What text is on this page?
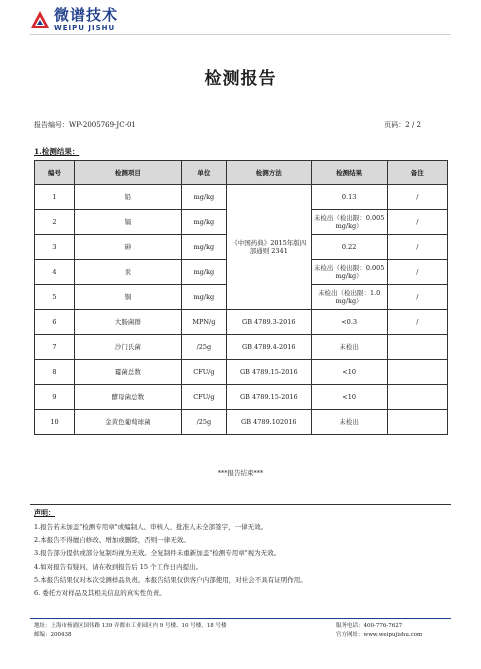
微谱技术
WEIPU JISHU
检测报告
报告编号：WP-2005769-JC-01	页码：2 / 2
1.检测结果：
编号	检测项目	单位	检测方法	检测结果	备注
1	铅	mg/kg	《中国药典》2015年版四部通则 2341	0.13	/
2	镉	mg/kg		未检出（检出限：0.005 mg/kg）	/
3	砷	mg/kg		0.22	/
4	汞	mg/kg		未检出（检出限：0.005 mg/kg）	/
5	铜	mg/kg		未检出（检出限：1.0 mg/kg）	/
6	大肠菌群	MPN/g	GB 4789.3-2016	<0.3	/
7	沙门氏菌	/25g	GB 4789.4-2016	未检出	
8	霉菌总数	CFU/g	GB 4789.15-2016	<10	
9	酵母菌总数	CFU/g	GB 4789.15-2016	<10	
10	金黄色葡萄球菌	/25g	GB 4789.102016	未检出	
***报告结束***
声明：
1.报告若未加盖"检测专用章"或编制人、审核人、批准人未全部签字，一律无效。
2.本报告不得擅自修改、增加或删除，否则一律无效。
3.报告部分提供或部分复制均视为无效。全复制件未重新加盖"检测专用章"视为无效。
4.如对报告有疑问，请在收到报告后 15 个工作日内提出。
5.本报告结果仅对本次受测样品负责。本报告结果仅供客户内部使用，对社会不具有证明作用。
6. 委托方对样品及其相关信息的真实性负责。
地址：上海市杨浦区国伟路 139 弄都市工业园区内 9 号楼、10 号楼、18 号楼
邮编：200438
服务电话：400-776-7627
官方网址：www.weipujishu.com
